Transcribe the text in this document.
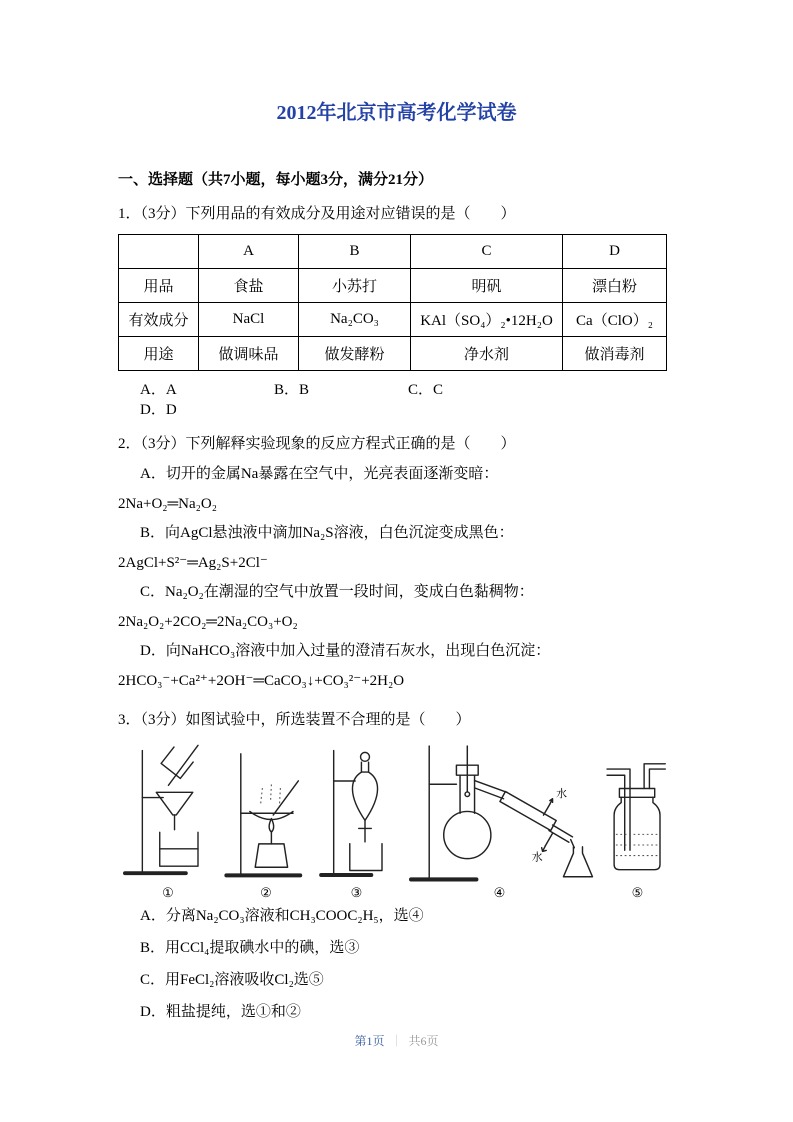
2012年北京市高考化学试卷
一、选择题（共7小题，每小题3分，满分21分）
1．（3分）下列用品的有效成分及用途对应错误的是（　　）
	A	B	C	D
用品	食盐	小苏打	明矾	漂白粉
有效成分	NaCl	Na₂CO₃	KAl（SO₄）₂•12H₂O	Ca（ClO）₂
用途	做调味品	做发酵粉	净水剂	做消毒剂
A．A	B．B	C．CD．D
2．（3分）下列解释实验现象的反应方程式正确的是（　　）
A．切开的金属Na暴露在空气中，光亮表面逐渐变暗：
2Na+O₂═Na₂O₂
B．向AgCl悬浊液中滴加Na₂S溶液，白色沉淀变成黑色：
2AgCl+S²⁻═Ag₂S+2Cl⁻
C．Na₂O₂在潮湿的空气中放置一段时间，变成白色黏稠物：
2Na₂O₂+2CO₂═2Na₂CO₃+O₂
D．向NaHCO₃溶液中加入过量的澄清石灰水，出现白色沉淀：
2HCO₃⁻+Ca²⁺+2OH⁻═CaCO₃↓+CO₃²⁻+2H₂O
3．（3分）如图试验中，所选装置不合理的是（　　）
①	②	③
水
水
④	⑤
A．分离Na₂CO₃溶液和CH₃COOC₂H₅，选④
B．用CCl₄提取碘水中的碘，选③
C．用FeCl₂溶液吸收Cl₂选⑤
D．粗盐提纯，选①和②
第1页 ｜ 共6页
